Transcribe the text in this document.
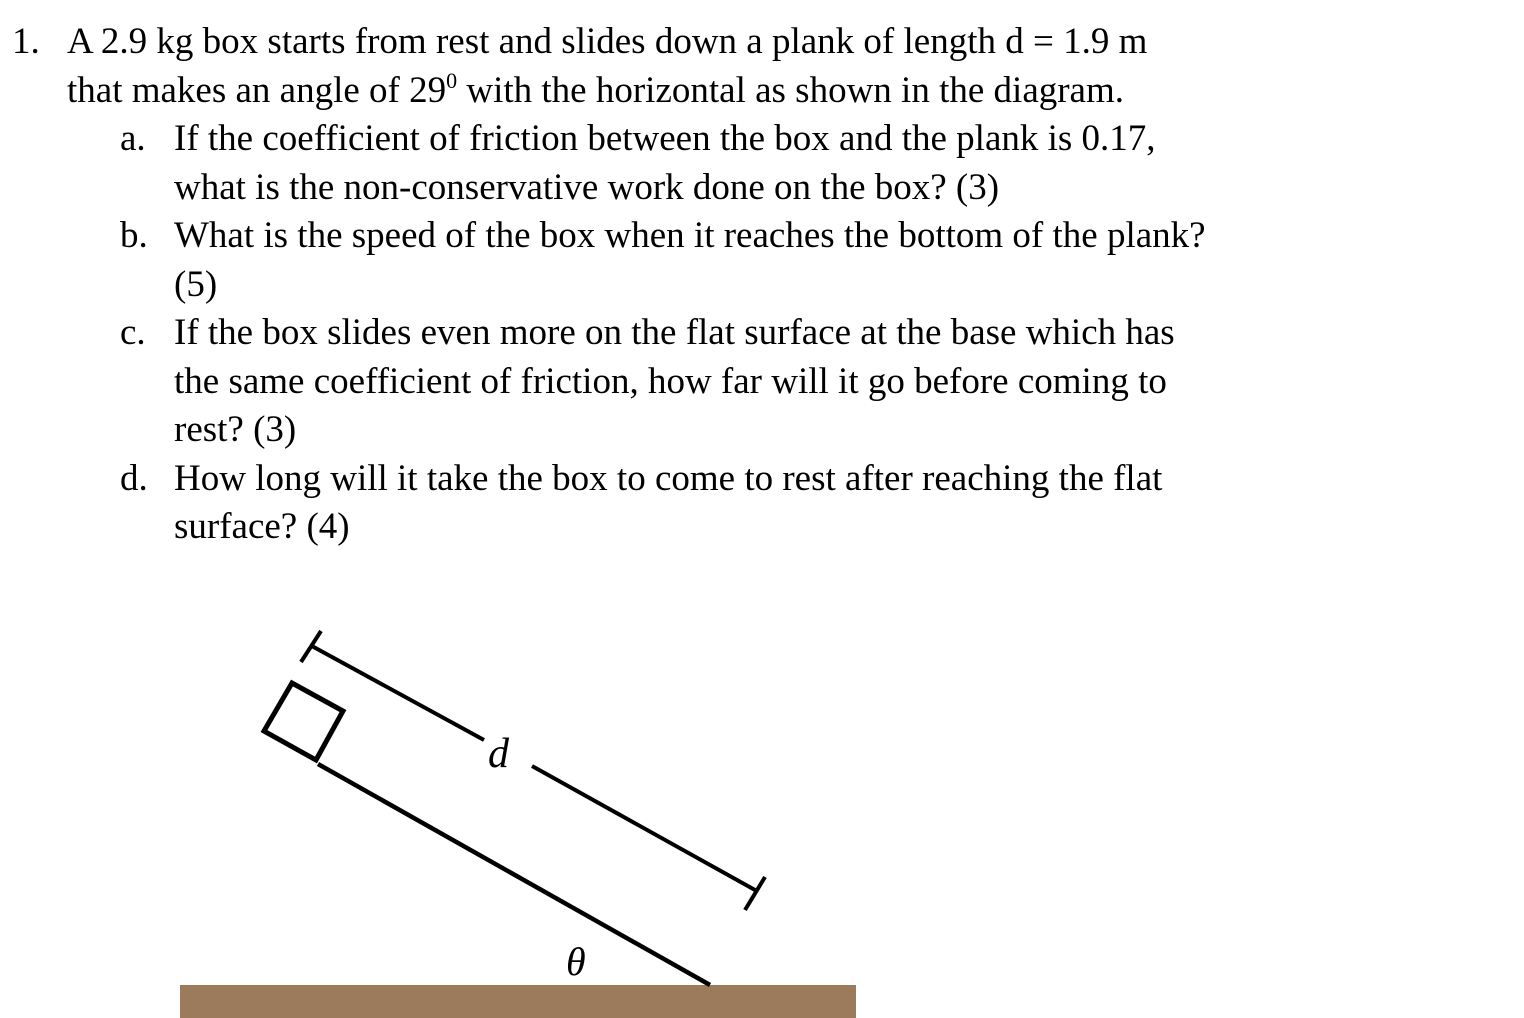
1. A 2.9 kg box starts from rest and slides down a plank of length d = 1.9 m
that makes an angle of $29^0$ with the horizontal as shown in the diagram.
a. If the coefficient of friction between the box and the plank is 0.17,
what is the non-conservative work done on the box? (3)
b. What is the speed of the box when it reaches the bottom of the plank?
(5)
c. If the box slides even more on the flat surface at the base which has
the same coefficient of friction, how far will it go before coming to
rest? (3)
d. How long will it take the box to come to rest after reaching the flat
surface? (4)
d
θ
